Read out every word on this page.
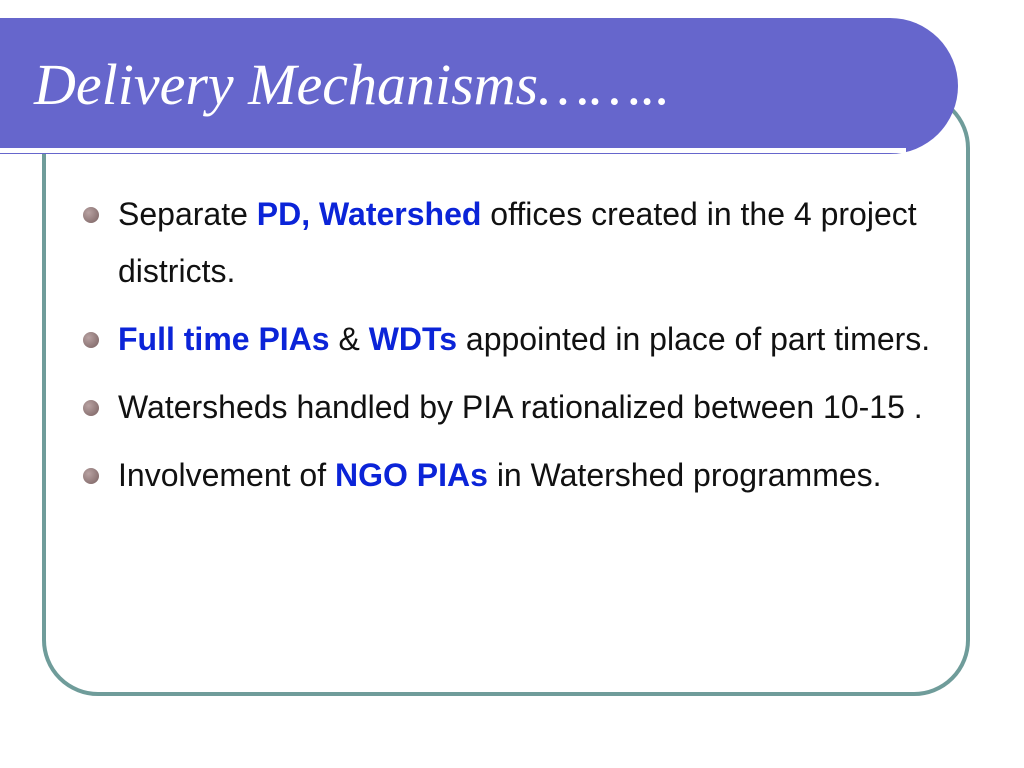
Delivery Mechanisms……..
Separate PD, Watershed offices created in the 4 project districts.
Full time PIAs & WDTs appointed in place of part timers.
Watersheds handled by PIA rationalized between 10-15 .
Involvement of NGO PIAs in Watershed programmes.
